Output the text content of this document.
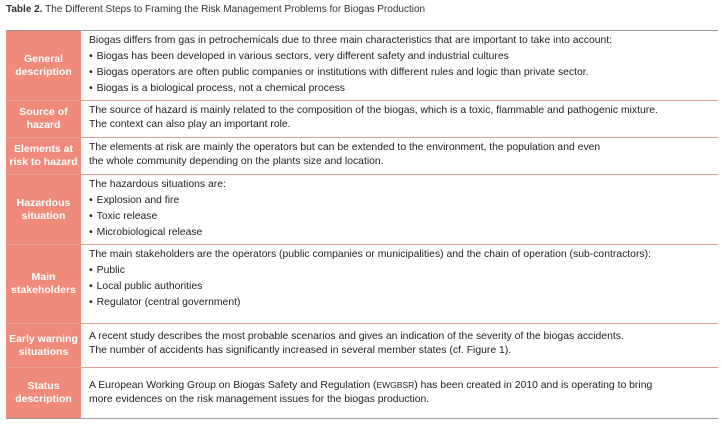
Table 2. The Different Steps to Framing the Risk Management Problems for Biogas Production
General description
Biogas differs from gas in petrochemicals due to three main characteristics that are important to take into account:
• Biogas has been developed in various sectors, very different safety and industrial cultures
• Biogas operators are often public companies or institutions with different rules and logic than private sector.
• Biogas is a biological process, not a chemical process
Source of hazard
The source of hazard is mainly related to the composition of the biogas, which is a toxic, flammable and pathogenic mixture.
The context can also play an important role.
Elements at risk to hazard
The elements at risk are mainly the operators but can be extended to the environment, the population and even
the whole community depending on the plants size and location.
Hazardous situation
The hazardous situations are:
• Explosion and fire
• Toxic release
• Microbiological release
Main stakeholders
The main stakeholders are the operators (public companies or municipalities) and the chain of operation (sub-contractors):
• Public
• Local public authorities
• Regulator (central government)
Early warning situations
A recent study describes the most probable scenarios and gives an indication of the severity of the biogas accidents.
The number of accidents has significantly increased in several member states (cf. Figure 1).
Status description
A European Working Group on Biogas Safety and Regulation (EWGBSR) has been created in 2010 and is operating to bring
more evidences on the risk management issues for the biogas production.
